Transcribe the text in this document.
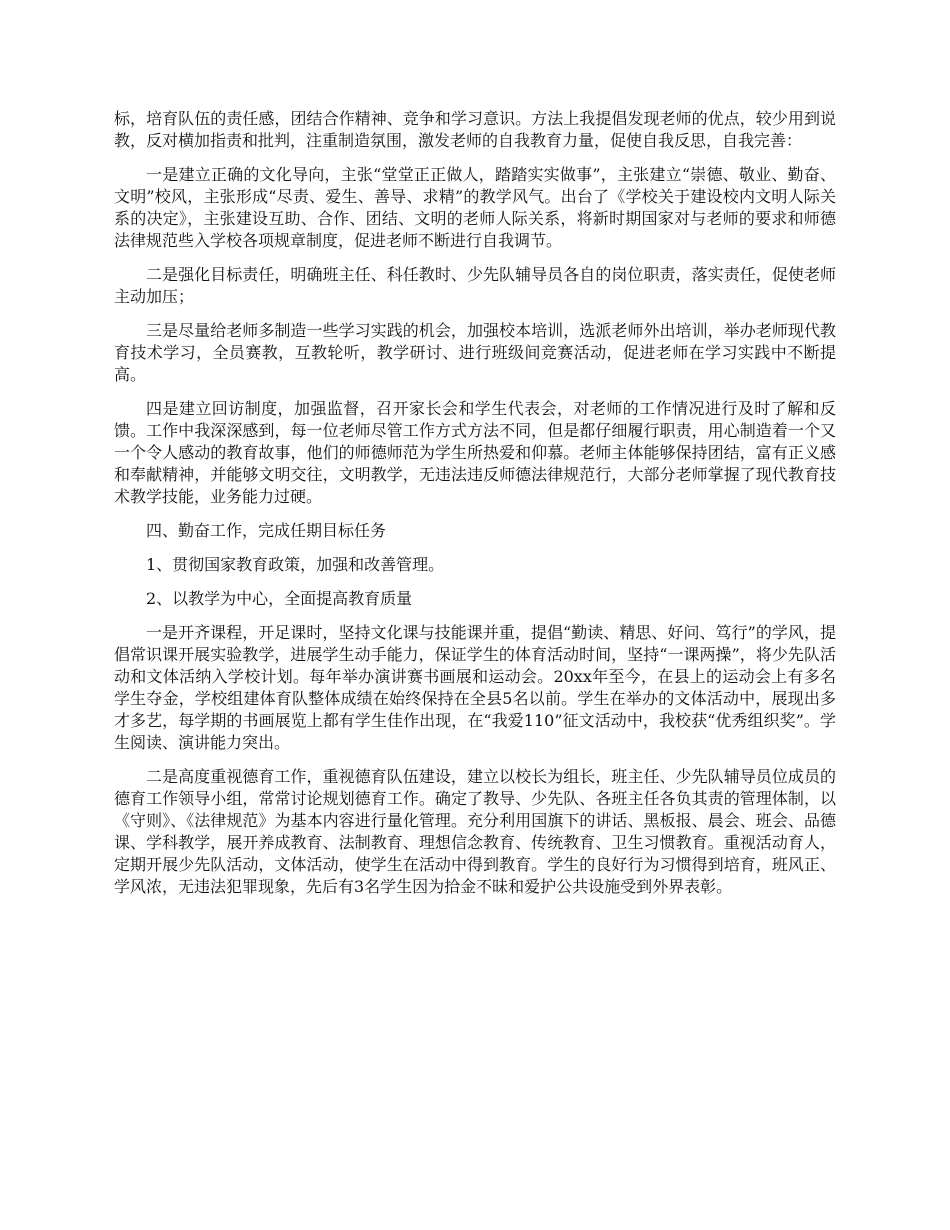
标，培育队伍的责任感，团结合作精神、竞争和学习意识。方法上我提倡发现老师的优点，较少用到说教，反对横加指责和批判，注重制造氛围，激发老师的自我教育力量，促使自我反思，自我完善：

一是建立正确的文化导向，主张“堂堂正正做人，踏踏实实做事”，主张建立“崇德、敬业、勤奋、文明”校风，主张形成“尽责、爱生、善导、求精”的教学风气。出台了《学校关于建设校内文明人际关系的决定》，主张建设互助、合作、团结、文明的老师人际关系，将新时期国家对与老师的要求和师德法律规范些入学校各项规章制度，促进老师不断进行自我调节。

二是强化目标责任，明确班主任、科任教时、少先队辅导员各自的岗位职责，落实责任，促使老师主动加压；

三是尽量给老师多制造一些学习实践的机会，加强校本培训，选派老师外出培训，举办老师现代教育技术学习，全员赛教，互教轮听，教学研讨、进行班级间竞赛活动，促进老师在学习实践中不断提高。

四是建立回访制度，加强监督，召开家长会和学生代表会，对老师的工作情况进行及时了解和反馈。工作中我深深感到，每一位老师尽管工作方式方法不同，但是都仔细履行职责，用心制造着一个又一个令人感动的教育故事，他们的师德师范为学生所热爱和仰慕。老师主体能够保持团结，富有正义感和奉献精神，并能够文明交往，文明教学，无违法违反师德法律规范行，大部分老师掌握了现代教育技术教学技能，业务能力过硬。

四、勤奋工作，完成任期目标任务

1、贯彻国家教育政策，加强和改善管理。

2、以教学为中心，全面提高教育质量

一是开齐课程，开足课时，坚持文化课与技能课并重，提倡“勤读、精思、好问、笃行”的学风，提倡常识课开展实验教学，进展学生动手能力，保证学生的体育活动时间，坚持“一课两操”，将少先队活动和文体活纳入学校计划。每年举办演讲赛书画展和运动会。20xx年至今，在县上的运动会上有多名学生夺金，学校组建体育队整体成绩在始终保持在全县5名以前。学生在举办的文体活动中，展现出多才多艺，每学期的书画展览上都有学生佳作出现，在“我爱110”征文活动中，我校获“优秀组织奖”。学生阅读、演讲能力突出。

二是高度重视德育工作，重视德育队伍建设，建立以校长为组长，班主任、少先队辅导员位成员的德育工作领导小组，常常讨论规划德育工作。确定了教导、少先队、各班主任各负其责的管理体制，以《守则》、《法律规范》为基本内容进行量化管理。充分利用国旗下的讲话、黑板报、晨会、班会、品德课、学科教学，展开养成教育、法制教育、理想信念教育、传统教育、卫生习惯教育。重视活动育人，定期开展少先队活动，文体活动，使学生在活动中得到教育。学生的良好行为习惯得到培育，班风正、学风浓，无违法犯罪现象，先后有3名学生因为拾金不昧和爱护公共设施受到外界表彰。
